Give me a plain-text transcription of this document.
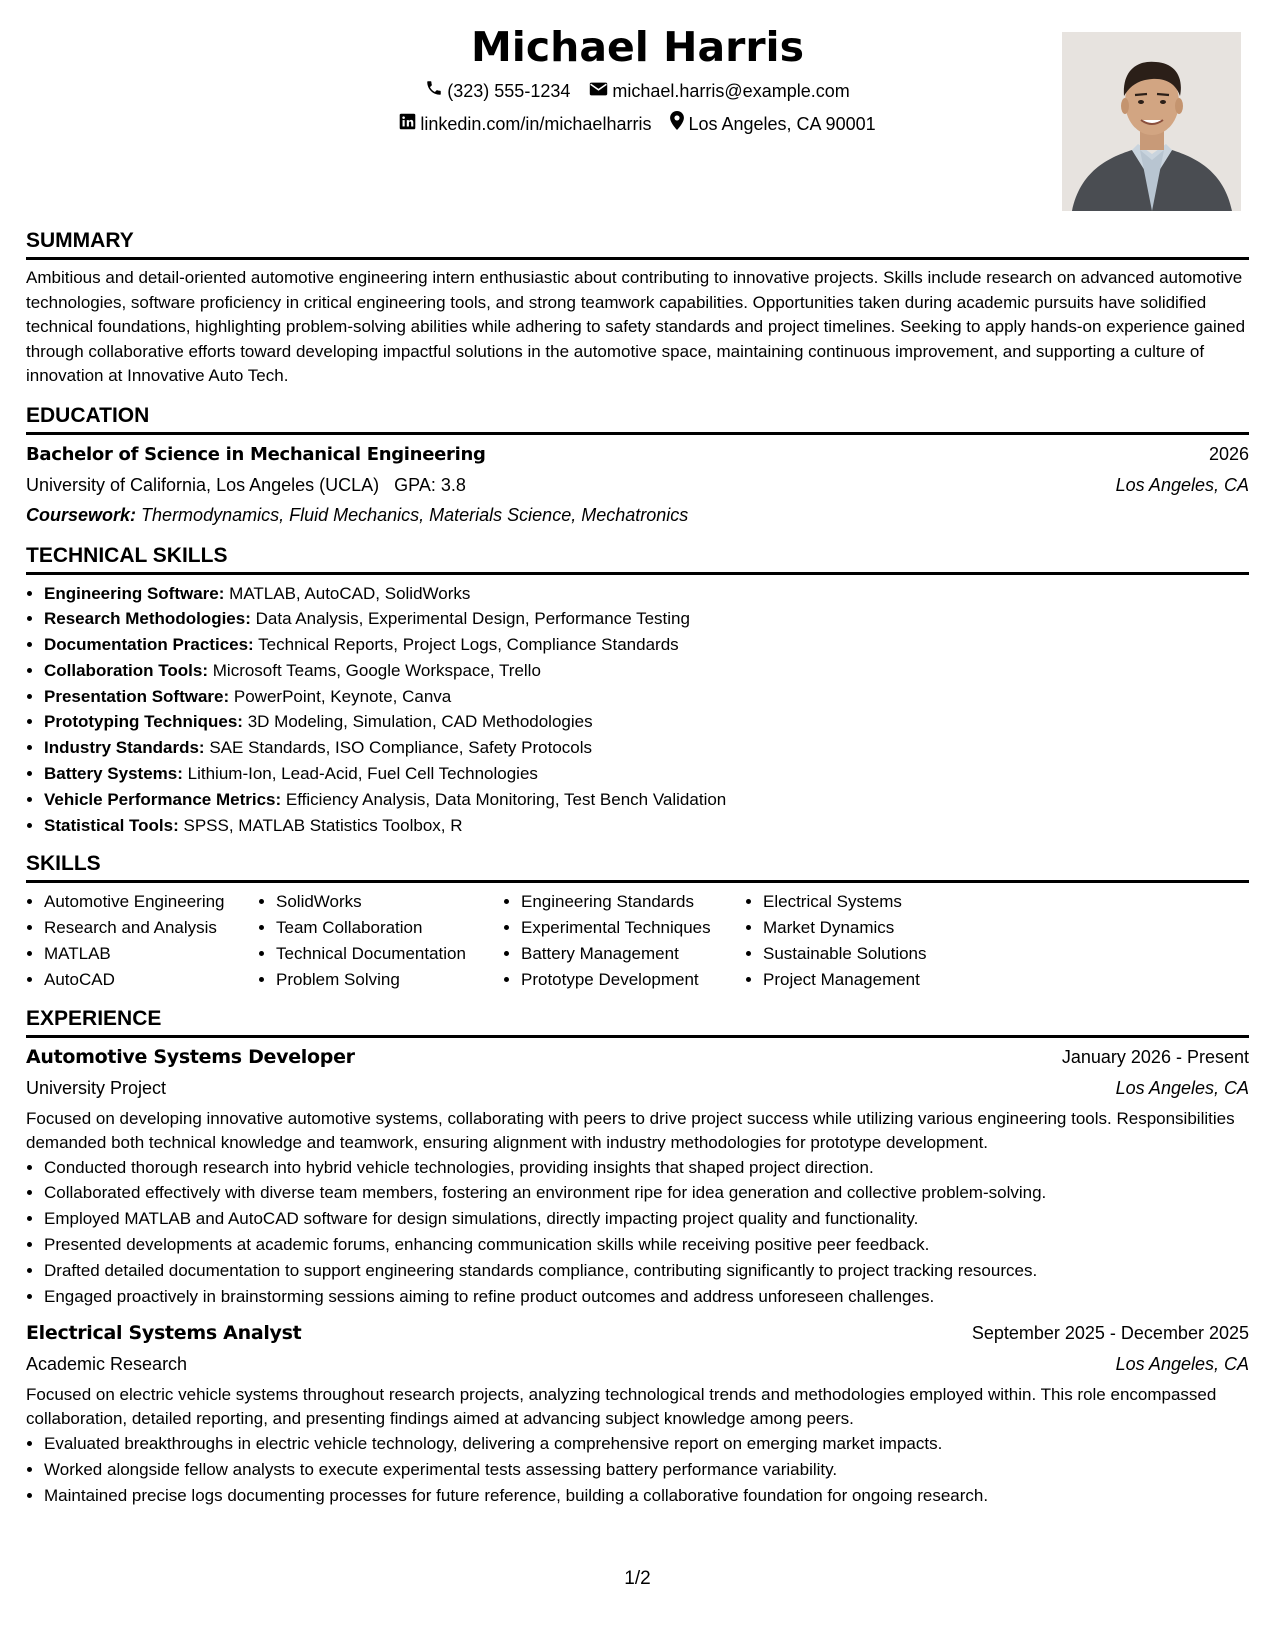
Michael Harris
(323) 555-1234
michael.harris@example.com
linkedin.com/in/michaelharris
Los Angeles, CA 90001
SUMMARY
Ambitious and detail-oriented automotive engineering intern enthusiastic about contributing to innovative projects. Skills include research on advanced automotive technologies, software proficiency in critical engineering tools, and strong teamwork capabilities. Opportunities taken during academic pursuits have solidified technical foundations, highlighting problem-solving abilities while adhering to safety standards and project timelines. Seeking to apply hands-on experience gained through collaborative efforts toward developing impactful solutions in the automotive space, maintaining continuous improvement, and supporting a culture of innovation at Innovative Auto Tech.
EDUCATION
Bachelor of Science in Mechanical Engineering	2026
University of California, Los Angeles (UCLA) GPA: 3.8	Los Angeles, CA
Coursework: Thermodynamics, Fluid Mechanics, Materials Science, Mechatronics
TECHNICAL SKILLS
• Engineering Software: MATLAB, AutoCAD, SolidWorks
• Research Methodologies: Data Analysis, Experimental Design, Performance Testing
• Documentation Practices: Technical Reports, Project Logs, Compliance Standards
• Collaboration Tools: Microsoft Teams, Google Workspace, Trello
• Presentation Software: PowerPoint, Keynote, Canva
• Prototyping Techniques: 3D Modeling, Simulation, CAD Methodologies
• Industry Standards: SAE Standards, ISO Compliance, Safety Protocols
• Battery Systems: Lithium-Ion, Lead-Acid, Fuel Cell Technologies
• Vehicle Performance Metrics: Efficiency Analysis, Data Monitoring, Test Bench Validation
• Statistical Tools: SPSS, MATLAB Statistics Toolbox, R
SKILLS
• Automotive Engineering
• Research and Analysis
• MATLAB
• AutoCAD
• SolidWorks
• Team Collaboration
• Technical Documentation
• Problem Solving
• Engineering Standards
• Experimental Techniques
• Battery Management
• Prototype Development
• Electrical Systems
• Market Dynamics
• Sustainable Solutions
• Project Management
EXPERIENCE
Automotive Systems Developer	January 2026 - Present
University Project	Los Angeles, CA
Focused on developing innovative automotive systems, collaborating with peers to drive project success while utilizing various engineering tools. Responsibilities demanded both technical knowledge and teamwork, ensuring alignment with industry methodologies for prototype development.
• Conducted thorough research into hybrid vehicle technologies, providing insights that shaped project direction.
• Collaborated effectively with diverse team members, fostering an environment ripe for idea generation and collective problem-solving.
• Employed MATLAB and AutoCAD software for design simulations, directly impacting project quality and functionality.
• Presented developments at academic forums, enhancing communication skills while receiving positive peer feedback.
• Drafted detailed documentation to support engineering standards compliance, contributing significantly to project tracking resources.
• Engaged proactively in brainstorming sessions aiming to refine product outcomes and address unforeseen challenges.
Electrical Systems Analyst	September 2025 - December 2025
Academic Research	Los Angeles, CA
Focused on electric vehicle systems throughout research projects, analyzing technological trends and methodologies employed within. This role encompassed collaboration, detailed reporting, and presenting findings aimed at advancing subject knowledge among peers.
• Evaluated breakthroughs in electric vehicle technology, delivering a comprehensive report on emerging market impacts.
• Worked alongside fellow analysts to execute experimental tests assessing battery performance variability.
• Maintained precise logs documenting processes for future reference, building a collaborative foundation for ongoing research.
1/2
